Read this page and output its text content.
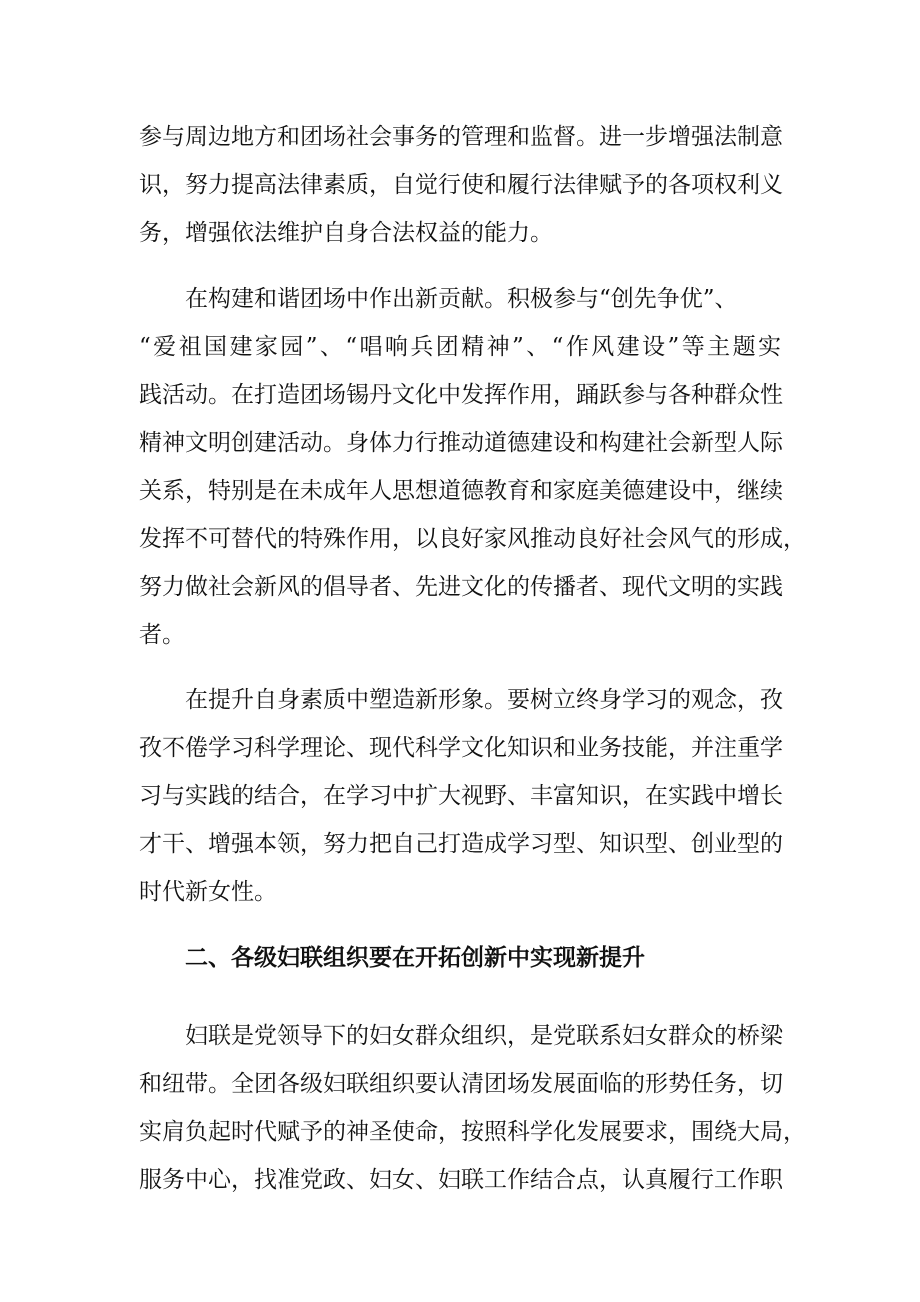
参与周边地方和团场社会事务的管理和监督。进一步增强法制意
识，努力提高法律素质，自觉行使和履行法律赋予的各项权利义
务，增强依法维护自身合法权益的能力。
在构建和谐团场中作出新贡献。积极参与“创先争优”、
“爱祖国建家园”、“唱响兵团精神”、“作风建设”等主题实
践活动。在打造团场锡丹文化中发挥作用，踊跃参与各种群众性
精神文明创建活动。身体力行推动道德建设和构建社会新型人际
关系，特别是在未成年人思想道德教育和家庭美德建设中，继续
发挥不可替代的特殊作用，以良好家风推动良好社会风气的形成，
努力做社会新风的倡导者、先进文化的传播者、现代文明的实践
者。
在提升自身素质中塑造新形象。要树立终身学习的观念，孜
孜不倦学习科学理论、现代科学文化知识和业务技能，并注重学
习与实践的结合，在学习中扩大视野、丰富知识，在实践中增长
才干、增强本领，努力把自己打造成学习型、知识型、创业型的
时代新女性。
二、各级妇联组织要在开拓创新中实现新提升
妇联是党领导下的妇女群众组织，是党联系妇女群众的桥梁
和纽带。全团各级妇联组织要认清团场发展面临的形势任务，切
实肩负起时代赋予的神圣使命，按照科学化发展要求，围绕大局，
服务中心，找准党政、妇女、妇联工作结合点，认真履行工作职
